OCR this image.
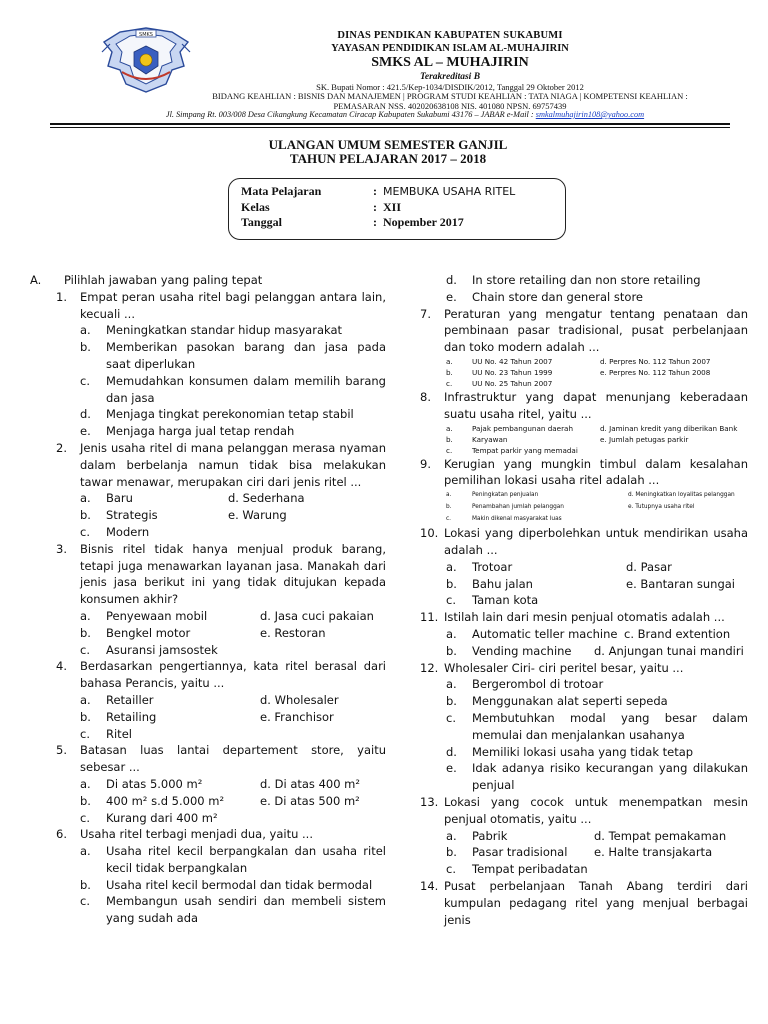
SMKS	DINAS PENDIKAN KABUPATEN SUKABUMI
YAYASAN PENDIDIKAN ISLAM AL-MUHAJIRIN
SMKS AL – MUHAJIRIN
Terakreditasi B
SK. Bupati Nomor : 421.5/Kep-1034/DISDIK/2012, Tanggal 29 Oktober 2012
BIDANG KEAHLIAN : BISNIS DAN MANAJEMEN | PROGRAM STUDI KEAHLIAN : TATA NIAGA | KOMPETENSI KEAHLIAN :
PEMASARAN NSS. 402020638108 NIS. 401080 NPSN. 69757439
Jl. Simpang Rt. 003/008 Desa Cikangkung Kecamatan Ciracap Kabupaten Sukabumi 43176 – JABAR e-Mail : smkalmuhajirin108@yahoo.com
ULANGAN UMUM SEMESTER GANJIL
TAHUN PELAJARAN 2017 – 2018
Mata Pelajaran	: MEMBUKA USAHA RITEL
Kelas	: XII
Tanggal	: Nopember 2017
A.	Pilihlah jawaban yang paling tepat
1.	Empat peran usaha ritel bagi pelanggan antara lain, kecuali ...
a.	Meningkatkan standar hidup masyarakat
b.	Memberikan pasokan barang dan jasa pada saat diperlukan
c.	Memudahkan konsumen dalam memilih barang dan jasa
d.	Menjaga tingkat perekonomian tetap stabil
e.	Menjaga harga jual tetap rendah
2.	Jenis usaha ritel di mana pelanggan merasa nyaman dalam berbelanja namun tidak bisa melakukan tawar menawar, merupakan ciri dari jenis ritel ...
a.	Baru	d. Sederhana
b.	Strategis	e. Warung
c.	Modern
3.	Bisnis ritel tidak hanya menjual produk barang, tetapi juga menawarkan layanan jasa. Manakah dari jenis jasa berikut ini yang tidak ditujukan kepada konsumen akhir?
a.	Penyewaan mobil	d. Jasa cuci pakaian
b.	Bengkel motor	e. Restoran
c.	Asuransi jamsostek
4.	Berdasarkan pengertiannya, kata ritel berasal dari bahasa Perancis, yaitu ...
a.	Retailler	d. Wholesaler
b.	Retailing	e. Franchisor
c.	Ritel
5.	Batasan luas lantai departement store, yaitu sebesar ...
a.	Di atas 5.000 m²	d. Di atas 400 m²
b.	400 m² s.d 5.000 m²	e. Di atas 500 m²
c.	Kurang dari 400 m²
6.	Usaha ritel terbagi menjadi dua, yaitu ...
a.	Usaha ritel kecil berpangkalan dan usaha ritel kecil tidak berpangkalan
b.	Usaha ritel kecil bermodal dan tidak bermodal
c.	Membangun usah sendiri dan membeli sistem yang sudah ada
d.	In store retailing dan non store retailing
e.	Chain store dan general store
7.	Peraturan yang mengatur tentang penataan dan pembinaan pasar tradisional, pusat perbelanjaan dan toko modern adalah ...
a.	UU No. 42 Tahun 2007	d. Perpres No. 112 Tahun 2007
b.	UU No. 23 Tahun 1999	e. Perpres No. 112 Tahun 2008
c.	UU No. 25 Tahun 2007
8.	Infrastruktur yang dapat menunjang keberadaan suatu usaha ritel, yaitu ...
a.	Pajak pembangunan daerah	d. Jaminan kredit yang diberikan Bank
b.	Karyawan	e. Jumlah petugas parkir
c.	Tempat parkir yang memadai
9.	Kerugian yang mungkin timbul dalam kesalahan pemilihan lokasi usaha ritel adalah ...
a.	Peningkatan penjualan	d. Meningkatkan loyalitas pelanggan
b.	Penambahan jumlah pelanggan	e. Tutupnya usaha ritel
c.	Makin dikenal masyarakat luas
10. Lokasi yang diperbolehkan untuk mendirikan usaha adalah ...
a.	Trotoar	d. Pasar
b.	Bahu jalan	e. Bantaran sungai
c.	Taman kota
11. Istilah lain dari mesin penjual otomatis adalah ...
a.	Automatic teller machine c. Brand extention
b.	Vending machine	d. Anjungan tunai mandiri
12. Wholesaler Ciri- ciri peritel besar, yaitu ...
a.	Bergerombol di trotoar
b.	Menggunakan alat seperti sepeda
c.	Membutuhkan modal yang besar dalam memulai dan menjalankan usahanya
d.	Memiliki lokasi usaha yang tidak tetap
e.	Idak adanya risiko kecurangan yang dilakukan penjual
13. Lokasi yang cocok untuk menempatkan mesin penjual otomatis, yaitu ...
a.	Pabrik	d. Tempat pemakaman
b.	Pasar tradisional	e. Halte transjakarta
c.	Tempat peribadatan
14. Pusat perbelanjaan Tanah Abang terdiri dari kumpulan pedagang ritel yang menjual berbagai jenis
